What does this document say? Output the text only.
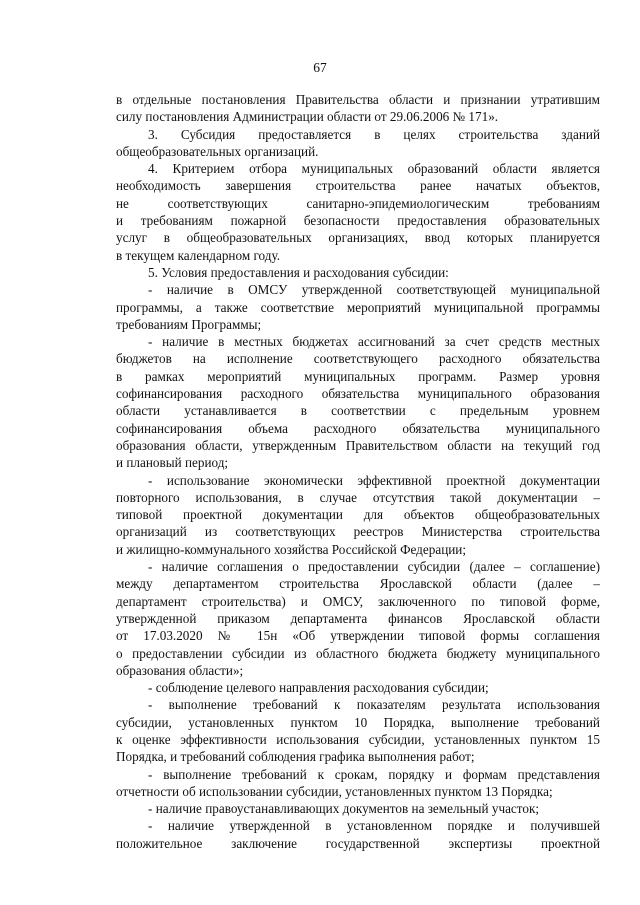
67
в отдельные постановления Правительства области и признании утратившим
силу постановления Администрации области от 29.06.2006 № 171».
3. Субсидия предоставляется в целях строительства зданий
общеобразовательных организаций.
4. Критерием отбора муниципальных образований области является
необходимость завершения строительства ранее начатых объектов,
не соответствующих санитарно-эпидемиологическим требованиям
и требованиям пожарной безопасности предоставления образовательных
услуг в общеобразовательных организациях, ввод которых планируется
в текущем календарном году.
5. Условия предоставления и расходования субсидии:
- наличие в ОМСУ утвержденной соответствующей муниципальной
программы, а также соответствие мероприятий муниципальной программы
требованиям Программы;
- наличие в местных бюджетах ассигнований за счет средств местных
бюджетов на исполнение соответствующего расходного обязательства
в рамках мероприятий муниципальных программ. Размер уровня
софинансирования расходного обязательства муниципального образования
области устанавливается в соответствии с предельным уровнем
софинансирования объема расходного обязательства муниципального
образования области, утвержденным Правительством области на текущий год
и плановый период;
- использование экономически эффективной проектной документации
повторного использования, в случае отсутствия такой документации –
типовой проектной документации для объектов общеобразовательных
организаций из соответствующих реестров Министерства строительства
и жилищно-коммунального хозяйства Российской Федерации;
- наличие соглашения о предоставлении субсидии (далее – соглашение)
между департаментом строительства Ярославской области (далее –
департамент строительства) и ОМСУ, заключенного по типовой форме,
утвержденной приказом департамента финансов Ярославской области
от 17.03.2020 № 15н «Об утверждении типовой формы соглашения
о предоставлении субсидии из областного бюджета бюджету муниципального
образования области»;
- соблюдение целевого направления расходования субсидии;
- выполнение требований к показателям результата использования
субсидии, установленных пунктом 10 Порядка, выполнение требований
к оценке эффективности использования субсидии, установленных пунктом 15
Порядка, и требований соблюдения графика выполнения работ;
- выполнение требований к срокам, порядку и формам представления
отчетности об использовании субсидии, установленных пунктом 13 Порядка;
- наличие правоустанавливающих документов на земельный участок;
- наличие утвержденной в установленном порядке и получившей
положительное заключение государственной экспертизы проектной
